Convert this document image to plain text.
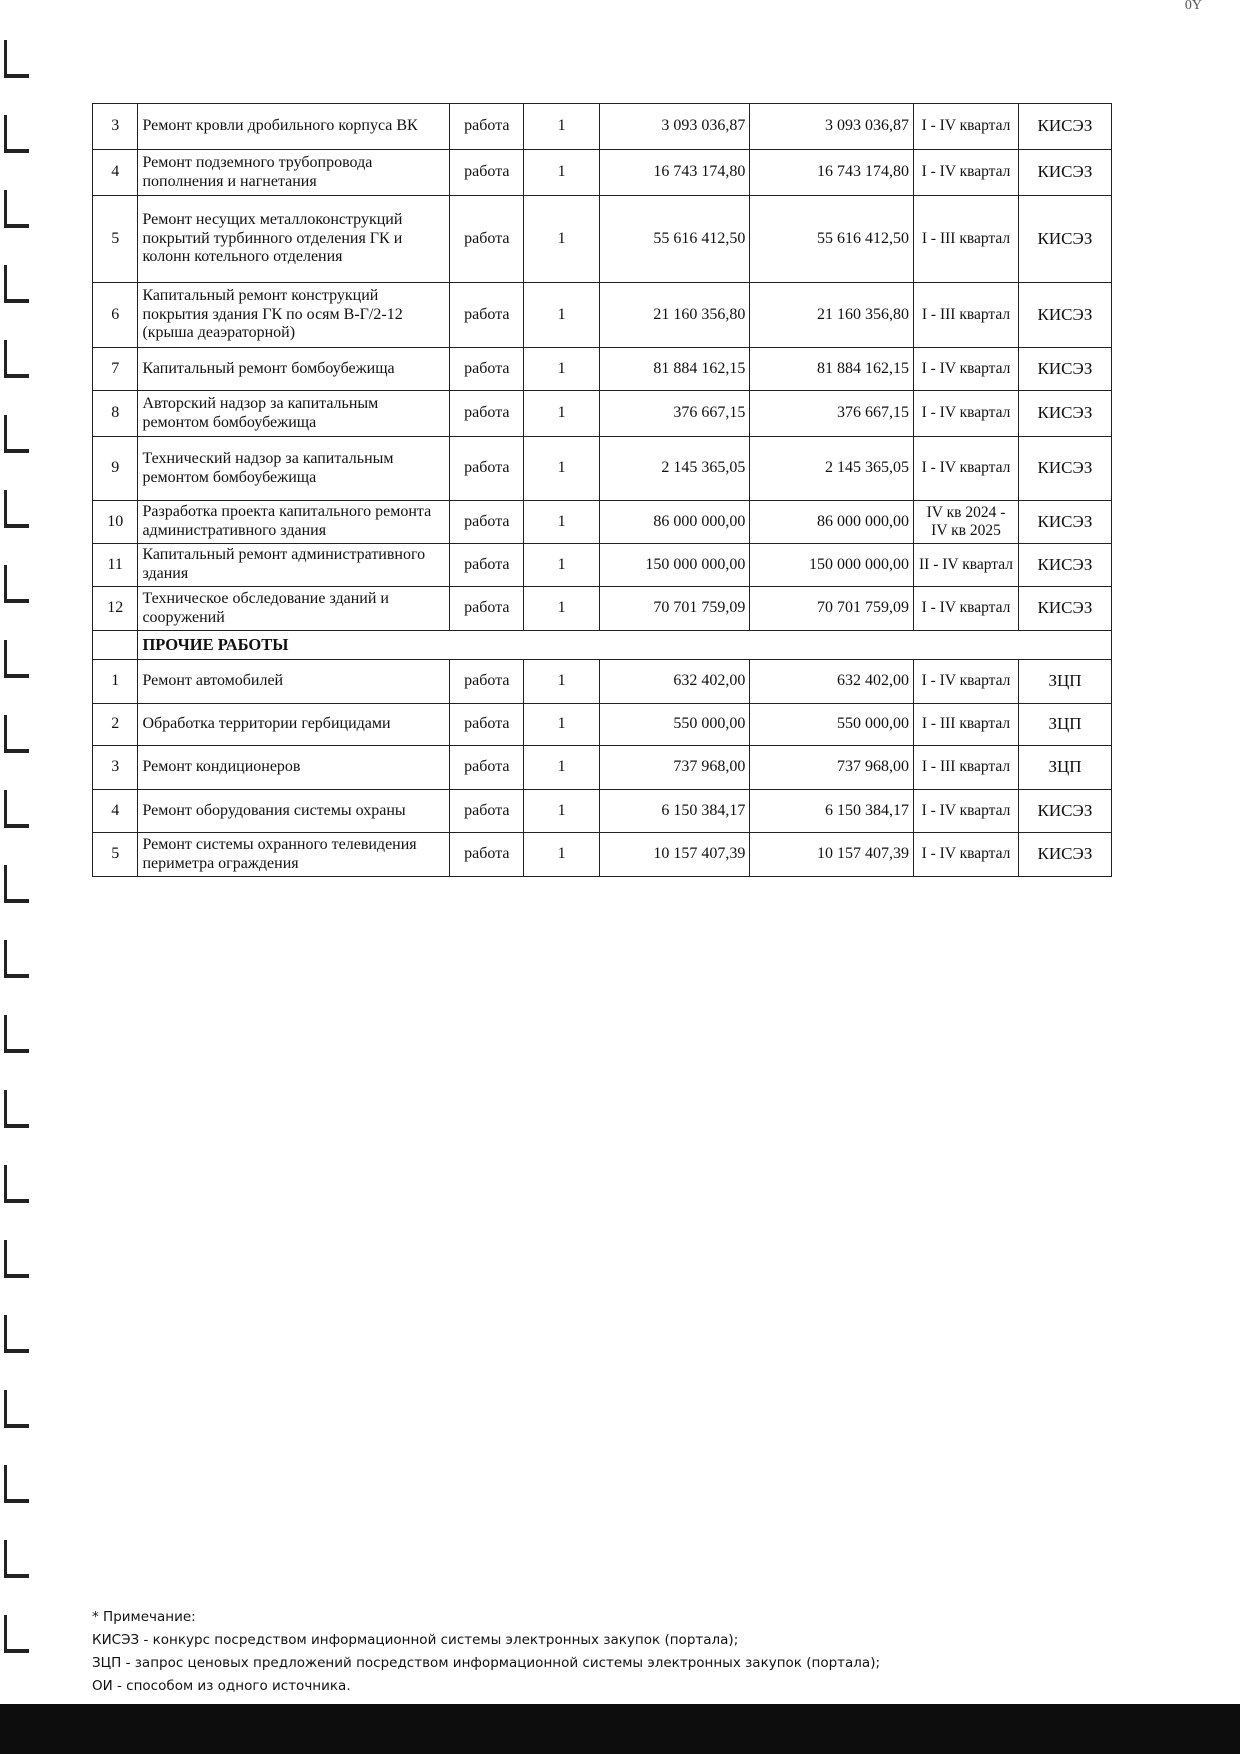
0Y
3	Ремонт кровли дробильного корпуса ВК	работа	1	3 093 036,87	3 093 036,87	I - IV квартал	КИСЭЗ
4	Ремонт подземного трубопровода пополнения и нагнетания	работа	1	16 743 174,80	16 743 174,80	I - IV квартал	КИСЭЗ
5	Ремонт несущих металлоконструкций покрытий турбинного отделения ГК и колонн котельного отделения	работа	1	55 616 412,50	55 616 412,50	I - III квартал	КИСЭЗ
6	Капитальный ремонт конструкций покрытия здания ГК по осям В-Г/2-12 (крыша деаэраторной)	работа	1	21 160 356,80	21 160 356,80	I - III квартал	КИСЭЗ
7	Капитальный ремонт бомбоубежища	работа	1	81 884 162,15	81 884 162,15	I - IV квартал	КИСЭЗ
8	Авторский надзор за капитальным ремонтом бомбоубежища	работа	1	376 667,15	376 667,15	I - IV квартал	КИСЭЗ
9	Технический надзор за капитальным ремонтом бомбоубежища	работа	1	2 145 365,05	2 145 365,05	I - IV квартал	КИСЭЗ
10	Разработка проекта капитального ремонта административного здания	работа	1	86 000 000,00	86 000 000,00	IV кв 2024 - IV кв 2025	КИСЭЗ
11	Капитальный ремонт административного здания	работа	1	150 000 000,00	150 000 000,00	II - IV квартал	КИСЭЗ
12	Техническое обследование зданий и сооружений	работа	1	70 701 759,09	70 701 759,09	I - IV квартал	КИСЭЗ
	ПРОЧИЕ РАБОТЫ						
1	Ремонт автомобилей	работа	1	632 402,00	632 402,00	I - IV квартал	ЗЦП
2	Обработка территории гербицидами	работа	1	550 000,00	550 000,00	I - III квартал	ЗЦП
3	Ремонт кондиционеров	работа	1	737 968,00	737 968,00	I - III квартал	ЗЦП
4	Ремонт оборудования системы охраны	работа	1	6 150 384,17	6 150 384,17	I - IV квартал	КИСЭЗ
5	Ремонт системы охранного телевидения периметра ограждения	работа	1	10 157 407,39	10 157 407,39	I - IV квартал	КИСЭЗ
* Примечание:
КИСЭЗ - конкурс посредством информационной системы электронных закупок (портала);
ЗЦП - запрос ценовых предложений посредством информационной системы электронных закупок (портала);
ОИ - способом из одного источника.
